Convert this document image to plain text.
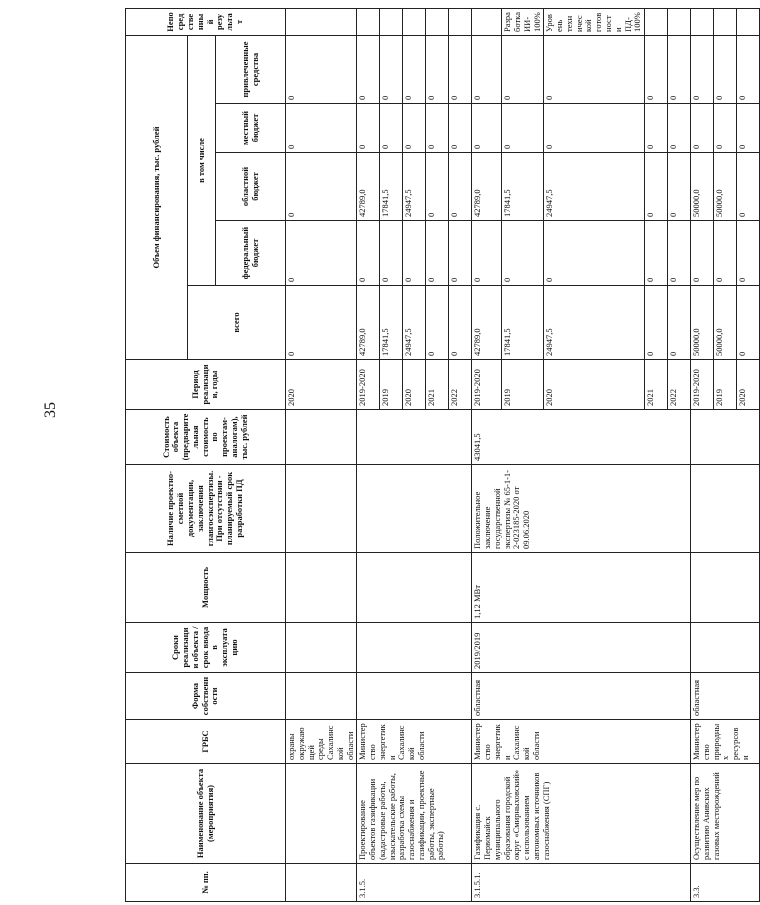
35
№ пп.	Наименование объекта (мероприятия)	ГРБС	Форма собственности	Сроки реализации объекта / срок ввода в эксплуатацию	Мощность	Наличие проектно-сметной документации, заключения главгосэкспертизы. При отсутствии - планируемый срок разработки ПД	Стоимость объекта (предварительная стоимость по проектам-аналогам), тыс. рублей	Период реализации, годы	Объем финансирования, тыс. рублей					Непосредственный результат
									всего	в том числе				
										федеральный бюджет	областной бюджет	местный бюджет	привлеченные средства	
		охраны окружающей среды Сахалинской области						2020	0	0	0	0	0	
3.1.5.	Проектирование объектов газификации (кадастровые работы, изыскательские работы, разработка схемы газоснабжения и газификации, проектные работы, экспертные работы)	Министерство энергетики Сахалинской области						2019-2020	42789,0	0	42789,0	0	0	
								2019	17841,5	0	17841,5	0	0	
								2020	24947,5	0	24947,5	0	0	
								2021	0	0	0	0	0	
								2022	0	0	0	0	0	
3.1.5.1.	Газификация с. Первомайск муниципального образования городской округ «Смирныховский» с использованием автономных источников газоснабжения (СПГ)	Министерство энергетики Сахалинской области	областная	2019/2019	1,12 МВт	Положительное заключение государственной экспертизы № 65-1-1-2-023185-2020 от 09.06.2020	43041,5	2019-2020	42789,0	0	42789,0	0	0	
								2019	17841,5	0	17841,5	0	0	Разработка ИИ- 100%
								2020	24947,5	0	24947,5	0	0	Уровень технической готовности ПД- 100%
								2021	0	0	0	0	0	
								2022	0	0	0	0	0	
3.3.	Осуществление мер по развитию Анивских газовых месторождений	Министерство природных ресурсов и	областная					2019-2020	50000,0	0	50000,0	0	0	
								2019	50000,0	0	50000,0	0	0	
								2020	0	0	0	0	0	
